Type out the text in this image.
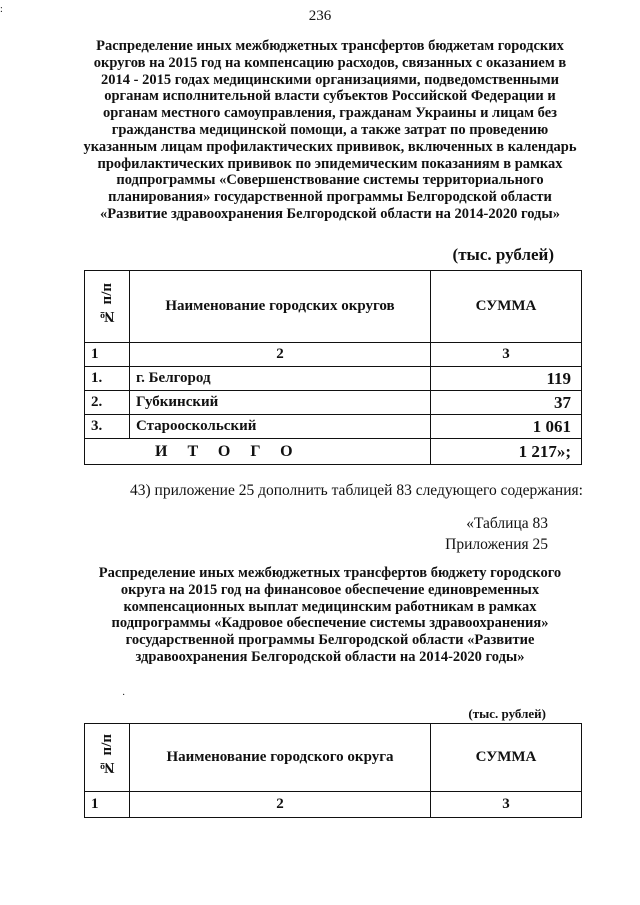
:	236
Распределение иных межбюджетных трансфертов бюджетам городских округов на 2015 год на компенсацию расходов, связанных с оказанием в 2014 - 2015 годах медицинскими организациями, подведомственными органам исполнительной власти субъектов Российской Федерации и органам местного самоуправления, гражданам Украины и лицам без гражданства медицинской помощи, а также затрат по проведению указанным лицам профилактических прививок, включенных в календарь профилактических прививок по эпидемическим показаниям в рамках подпрограммы «Совершенствование системы территориального планирования» государственной программы Белгородской области «Развитие здравоохранения Белгородской области на 2014-2020 годы»
(тыс. рублей)
№ п/п	Наименование городских округов	СУММА
1	2	3
1.	г. Белгород	119
2.	Губкинский	37
3.	Старооскольский	1 061
ИТОГО		1 217»;
43) приложение 25 дополнить таблицей 83 следующего содержания:
«Таблица 83
Приложения 25
Распределение иных межбюджетных трансфертов бюджету городского округа на 2015 год на финансовое обеспечение единовременных компенсационных выплат медицинским работникам в рамках подпрограммы «Кадровое обеспечение системы здравоохранения» государственной программы Белгородской области «Развитие здравоохранения Белгородской области на 2014-2020 годы»
·
(тыс. рублей)
№ п/п	Наименование городского округа	СУММА
1	2	3
